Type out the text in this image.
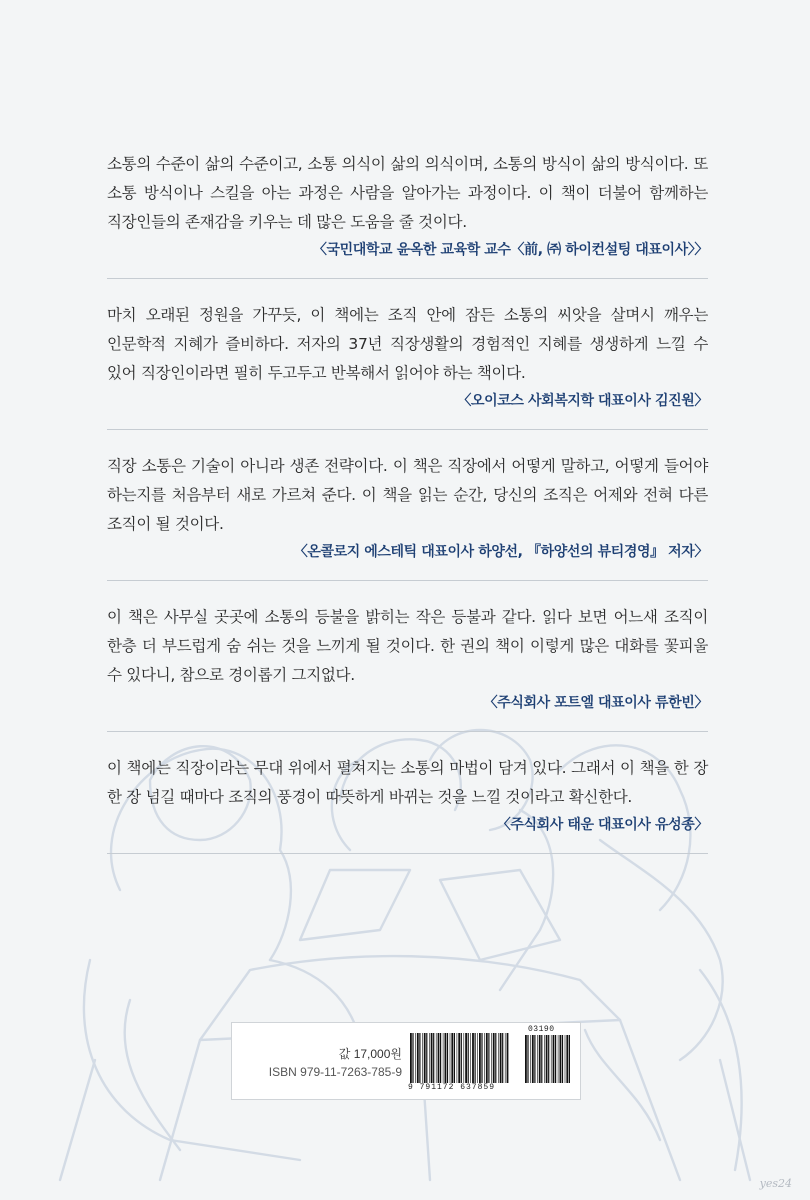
소통의 수준이 삶의 수준이고, 소통 의식이 삶의 의식이며, 소통의 방식이 삶의 방식이다. 또 소통 방식이나 스킬을 아는 과정은 사람을 알아가는 과정이다. 이 책이 더불어 함께하는 직장인들의 존재감을 키우는 데 많은 도움을 줄 것이다.

〈국민대학교 윤옥한 교육학 교수〈前, ㈜ 하이컨설팅 대표이사〉〉

마치 오래된 정원을 가꾸듯, 이 책에는 조직 안에 잠든 소통의 씨앗을 살며시 깨우는 인문학적 지혜가 즐비하다. 저자의 37년 직장생활의 경험적인 지혜를 생생하게 느낄 수 있어 직장인이라면 필히 두고두고 반복해서 읽어야 하는 책이다.

〈오이코스 사회복지학 대표이사 김진원〉

직장 소통은 기술이 아니라 생존 전략이다. 이 책은 직장에서 어떻게 말하고, 어떻게 들어야 하는지를 처음부터 새로 가르쳐 준다. 이 책을 읽는 순간, 당신의 조직은 어제와 전혀 다른 조직이 될 것이다.

〈온콜로지 에스테틱 대표이사 하양선, 『하양선의 뷰티경영』 저자〉

이 책은 사무실 곳곳에 소통의 등불을 밝히는 작은 등불과 같다. 읽다 보면 어느새 조직이 한층 더 부드럽게 숨 쉬는 것을 느끼게 될 것이다. 한 권의 책이 이렇게 많은 대화를 꽃피울 수 있다니, 참으로 경이롭기 그지없다.

〈주식회사 포트엘 대표이사 류한빈〉

이 책에는 직장이라는 무대 위에서 펼쳐지는 소통의 마법이 담겨 있다. 그래서 이 책을 한 장 한 장 넘길 때마다 조직의 풍경이 따뜻하게 바뀌는 것을 느낄 것이라고 확신한다.

〈주식회사 태운 대표이사 유성종〉

값 17,000원
ISBN 979-11-7263-785-9
9 791172 637859
03190
yes24
